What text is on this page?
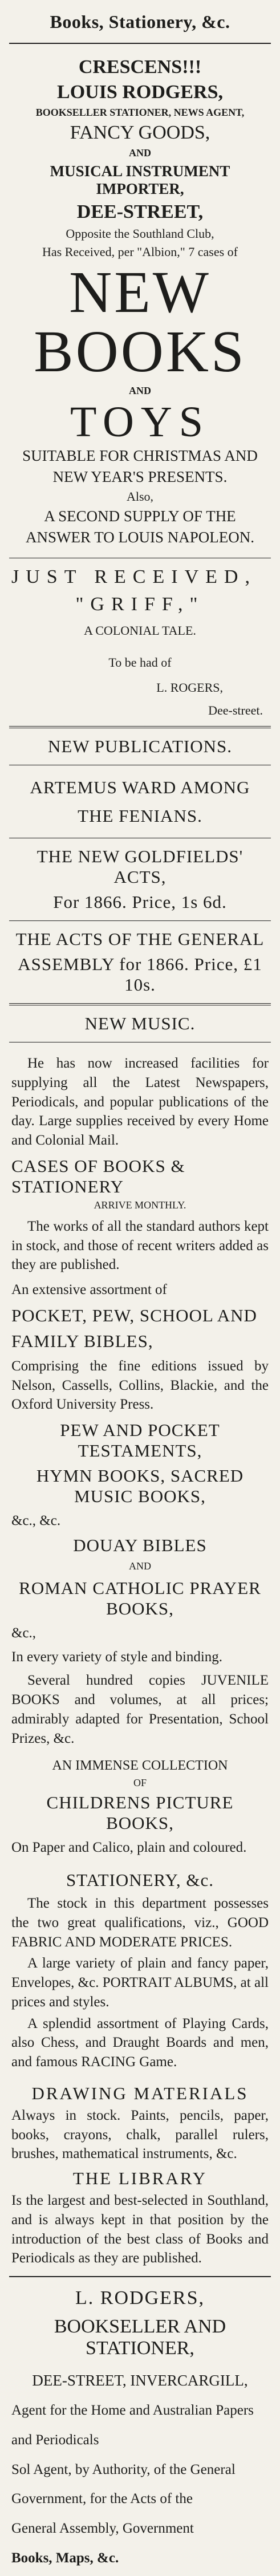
Books, Stationery, &c.

CRESCENS!!!

LOUIS RODGERS,

BOOKSELLER STATIONER, NEWS AGENT,

FANCY GOODS,

AND

MUSICAL INSTRUMENT IMPORTER,

DEE-STREET,

Opposite the Southland Club,

Has Received, per "Albion," 7 cases of

NEW BOOKS

AND

TOYS

SUITABLE FOR CHRISTMAS AND

NEW YEAR'S PRESENTS.

Also,

A SECOND SUPPLY OF THE

ANSWER TO LOUIS NAPOLEON.

JUST RECEIVED,

"GRIFF,"

A COLONIAL TALE.

To be had of

L. ROGERS,

Dee-street.

NEW PUBLICATIONS.

ARTEMUS WARD AMONG THE FENIANS.

THE NEW GOLDFIELDS' ACTS,

For 1866. Price, 1s 6d.

THE ACTS OF THE GENERAL

ASSEMBLY for 1866. Price, £1 10s.

NEW MUSIC.

He has now increased facilities for supplying all the Latest Newspapers, Periodicals, and popular publications of the day. Large supplies received by every Home and Colonial Mail.

CASES OF BOOKS & STATIONERY

ARRIVE MONTHLY.

The works of all the standard authors kept in stock, and those of recent writers added as they are published.

An extensive assortment of

POCKET, PEW, SCHOOL AND FAMILY BIBLES,

Comprising the fine editions issued by Nelson, Cassells, Collins, Blackie, and the Oxford University Press.

PEW AND POCKET TESTAMENTS,

HYMN BOOKS, SACRED MUSIC BOOKS,

&c., &c.

DOUAY BIBLES

AND

ROMAN CATHOLIC PRAYER BOOKS,

&c.,

In every variety of style and binding.

Several hundred copies JUVENILE BOOKS and volumes, at all prices; admirably adapted for Presentation, School Prizes, &c.

AN IMMENSE COLLECTION

OF

CHILDRENS PICTURE BOOKS,

On Paper and Calico, plain and coloured.

STATIONERY, &c.

The stock in this department possesses the two great qualifications, viz., GOOD FABRIC AND MODERATE PRICES.

A large variety of plain and fancy paper, Envelopes, &c. PORTRAIT ALBUMS, at all prices and styles.

A splendid assortment of Playing Cards, also Chess, and Draught Boards and men, and famous RACING Game.

DRAWING MATERIALS

Always in stock. Paints, pencils, paper, books, crayons, chalk, parallel rulers, brushes, mathematical instruments, &c.

THE LIBRARY

Is the largest and best-selected in Southland, and is always kept in that position by the introduction of the best class of Books and Periodicals as they are published.

L. RODGERS,

BOOKSELLER AND STATIONER,

DEE-STREET, INVERCARGILL,

Agent for the Home and Australian Papers

and Periodicals

Sol Agent, by Authority, of the General

Government, for the Acts of the

General Assembly, Government

Books, Maps, &c.
